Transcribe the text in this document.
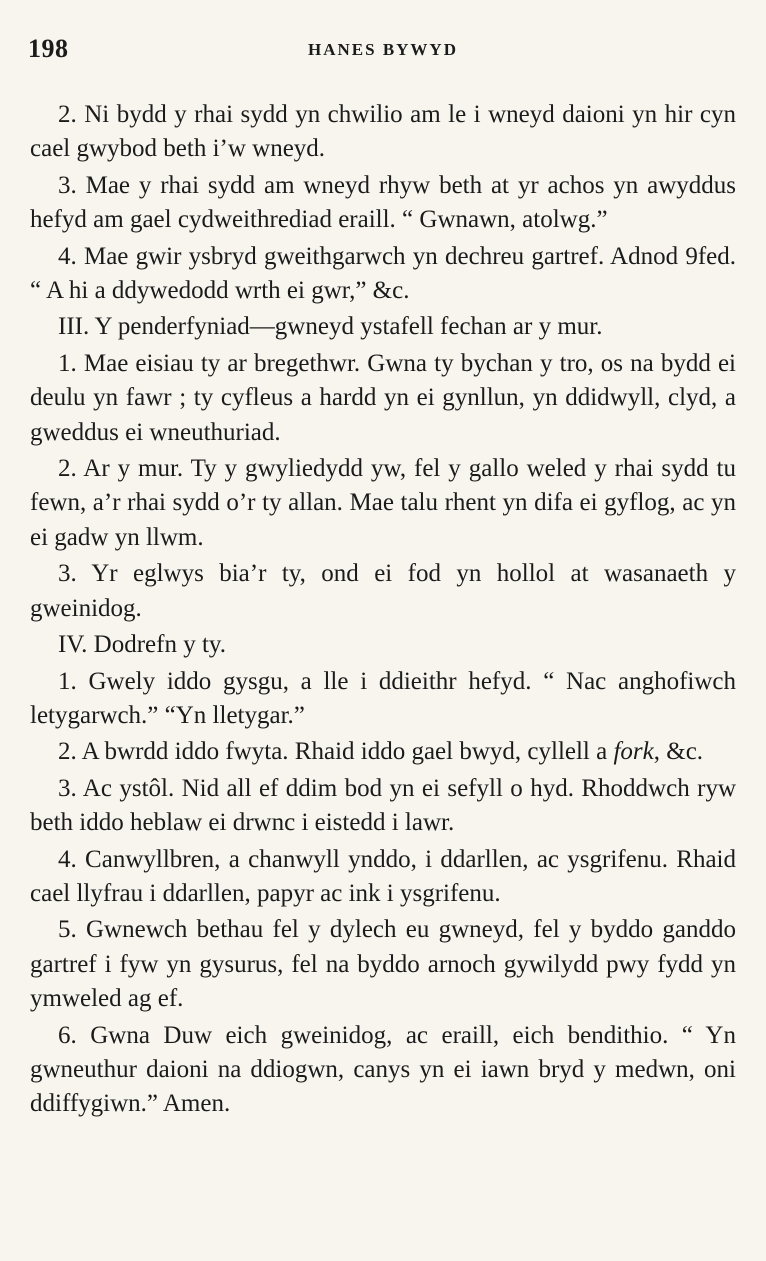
198	HANES BYWYD

2. Ni bydd y rhai sydd yn chwilio am le i wneyd daioni yn hir cyn cael gwybod beth i’w wneyd.

3. Mae y rhai sydd am wneyd rhyw beth at yr achos yn awyddus hefyd am gael cydweithrediad eraill. “ Gwnawn, atolwg.”

4. Mae gwir ysbryd gweithgarwch yn dechreu gartref. Adnod 9fed. “ A hi a ddywedodd wrth ei gwr,” &c.

III. Y penderfyniad—gwneyd ystafell fechan ar y mur.

1. Mae eisiau ty ar bregethwr. Gwna ty bychan y tro, os na bydd ei deulu yn fawr ; ty cyfleus a hardd yn ei gynllun, yn ddidwyll, clyd, a gweddus ei wneuthuriad.

2. Ar y mur. Ty y gwyliedydd yw, fel y gallo weled y rhai sydd tu fewn, a’r rhai sydd o’r ty allan. Mae talu rhent yn difa ei gyflog, ac yn ei gadw yn llwm.

3. Yr eglwys bia’r ty, ond ei fod yn hollol at wasanaeth y gweinidog.

IV. Dodrefn y ty.

1. Gwely iddo gysgu, a lle i ddieithr hefyd. “ Nac anghofiwch letygarwch.” “Yn lletygar.”

2. A bwrdd iddo fwyta. Rhaid iddo gael bwyd, cyllell a fork, &c.

3. Ac ystôl. Nid all ef ddim bod yn ei sefyll o hyd. Rhoddwch ryw beth iddo heblaw ei drwnc i eistedd i lawr.

4. Canwyllbren, a chanwyll ynddo, i ddarllen, ac ysgrifenu. Rhaid cael llyfrau i ddarllen, papyr ac ink i ysgrifenu.

5. Gwnewch bethau fel y dylech eu gwneyd, fel y byddo ganddo gartref i fyw yn gysurus, fel na byddo arnoch gywilydd pwy fydd yn ymweled ag ef.

6. Gwna Duw eich gweinidog, ac eraill, eich bendithio. “ Yn gwneuthur daioni na ddiogwn, canys yn ei iawn bryd y medwn, oni ddiffygiwn.” Amen.
